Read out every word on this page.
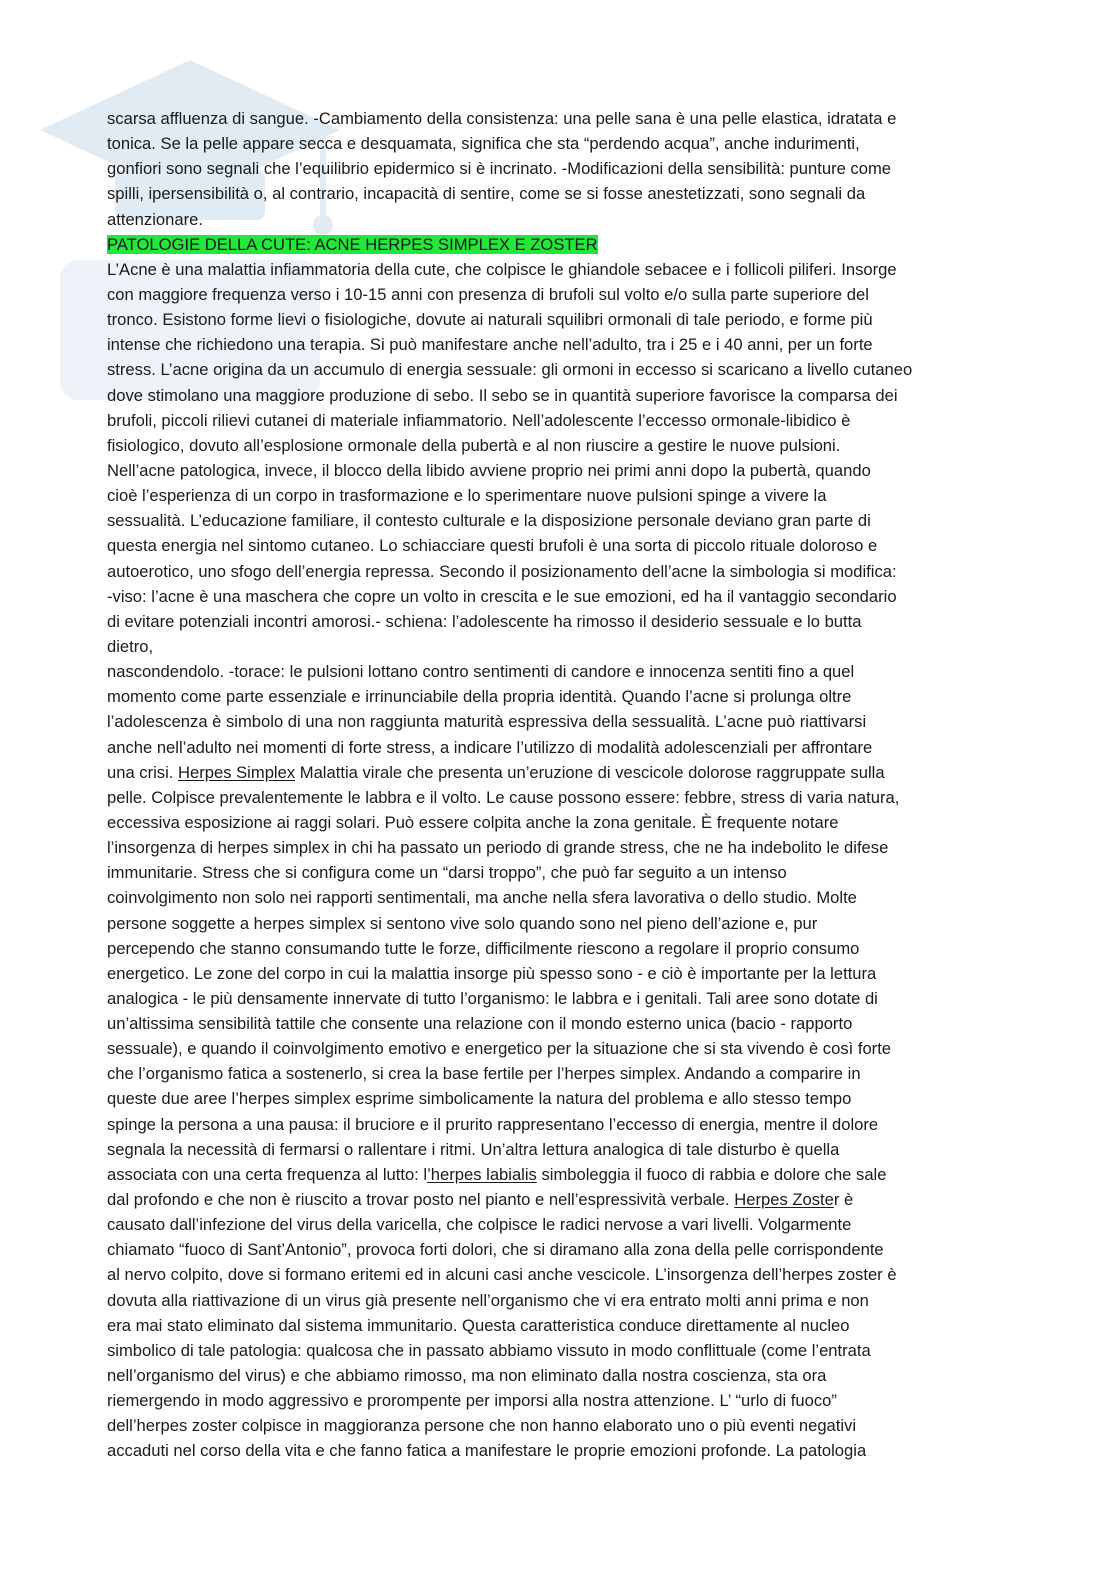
scarsa affluenza di sangue. -Cambiamento della consistenza: una pelle sana è una pelle elastica, idratata e
tonica. Se la pelle appare secca e desquamata, significa che sta “perdendo acqua”, anche indurimenti,
gonfiori sono segnali che l’equilibrio epidermico si è incrinato. -Modificazioni della sensibilità: punture come
spilli, ipersensibilità o, al contrario, incapacità di sentire, come se si fosse anestetizzati, sono segnali da
attenzionare.
PATOLOGIE DELLA CUTE: ACNE HERPES SIMPLEX E ZOSTER
L’Acne è una malattia infiammatoria della cute, che colpisce le ghiandole sebacee e i follicoli piliferi. Insorge
con maggiore frequenza verso i 10-15 anni con presenza di brufoli sul volto e/o sulla parte superiore del
tronco. Esistono forme lievi o fisiologiche, dovute ai naturali squilibri ormonali di tale periodo, e forme più
intense che richiedono una terapia. Si può manifestare anche nell’adulto, tra i 25 e i 40 anni, per un forte
stress. L’acne origina da un accumulo di energia sessuale: gli ormoni in eccesso si scaricano a livello cutaneo
dove stimolano una maggiore produzione di sebo. Il sebo se in quantità superiore favorisce la comparsa dei
brufoli, piccoli rilievi cutanei di materiale infiammatorio. Nell’adolescente l’eccesso ormonale-libidico è
fisiologico, dovuto all’esplosione ormonale della pubertà e al non riuscire a gestire le nuove pulsioni.
Nell’acne patologica, invece, il blocco della libido avviene proprio nei primi anni dopo la pubertà, quando
cioè l’esperienza di un corpo in trasformazione e lo sperimentare nuove pulsioni spinge a vivere la
sessualità. L’educazione familiare, il contesto culturale e la disposizione personale deviano gran parte di
questa energia nel sintomo cutaneo. Lo schiacciare questi brufoli è una sorta di piccolo rituale doloroso e
autoerotico, uno sfogo dell’energia repressa. Secondo il posizionamento dell’acne la simbologia si modifica:
-viso: l’acne è una maschera che copre un volto in crescita e le sue emozioni, ed ha il vantaggio secondario
di evitare potenziali incontri amorosi.- schiena: l’adolescente ha rimosso il desiderio sessuale e lo butta
dietro,
nascondendolo. -torace: le pulsioni lottano contro sentimenti di candore e innocenza sentiti fino a quel
momento come parte essenziale e irrinunciabile della propria identità. Quando l’acne si prolunga oltre
l’adolescenza è simbolo di una non raggiunta maturità espressiva della sessualità. L’acne può riattivarsi
anche nell’adulto nei momenti di forte stress, a indicare l’utilizzo di modalità adolescenziali per affrontare
una crisi. Herpes Simplex Malattia virale che presenta un’eruzione di vescicole dolorose raggruppate sulla
pelle. Colpisce prevalentemente le labbra e il volto. Le cause possono essere: febbre, stress di varia natura,
eccessiva esposizione ai raggi solari. Può essere colpita anche la zona genitale. È frequente notare
l’insorgenza di herpes simplex in chi ha passato un periodo di grande stress, che ne ha indebolito le difese
immunitarie. Stress che si configura come un “darsi troppo”, che può far seguito a un intenso
coinvolgimento non solo nei rapporti sentimentali, ma anche nella sfera lavorativa o dello studio. Molte
persone soggette a herpes simplex si sentono vive solo quando sono nel pieno dell’azione e, pur
percependo che stanno consumando tutte le forze, difficilmente riescono a regolare il proprio consumo
energetico. Le zone del corpo in cui la malattia insorge più spesso sono - e ciò è importante per la lettura
analogica - le più densamente innervate di tutto l’organismo: le labbra e i genitali. Tali aree sono dotate di
un’altissima sensibilità tattile che consente una relazione con il mondo esterno unica (bacio - rapporto
sessuale), e quando il coinvolgimento emotivo e energetico per la situazione che si sta vivendo è così forte
che l’organismo fatica a sostenerlo, si crea la base fertile per l’herpes simplex. Andando a comparire in
queste due aree l’herpes simplex esprime simbolicamente la natura del problema e allo stesso tempo
spinge la persona a una pausa: il bruciore e il prurito rappresentano l’eccesso di energia, mentre il dolore
segnala la necessità di fermarsi o rallentare i ritmi. Un’altra lettura analogica di tale disturbo è quella
associata con una certa frequenza al lutto: l’herpes labialis simboleggia il fuoco di rabbia e dolore che sale
dal profondo e che non è riuscito a trovar posto nel pianto e nell’espressività verbale. Herpes Zoster è
causato dall’infezione del virus della varicella, che colpisce le radici nervose a vari livelli. Volgarmente
chiamato “fuoco di Sant’Antonio”, provoca forti dolori, che si diramano alla zona della pelle corrispondente
al nervo colpito, dove si formano eritemi ed in alcuni casi anche vescicole. L’insorgenza dell’herpes zoster è
dovuta alla riattivazione di un virus già presente nell’organismo che vi era entrato molti anni prima e non
era mai stato eliminato dal sistema immunitario. Questa caratteristica conduce direttamente al nucleo
simbolico di tale patologia: qualcosa che in passato abbiamo vissuto in modo conflittuale (come l’entrata
nell’organismo del virus) e che abbiamo rimosso, ma non eliminato dalla nostra coscienza, sta ora
riemergendo in modo aggressivo e prorompente per imporsi alla nostra attenzione. L’ “urlo di fuoco”
dell’herpes zoster colpisce in maggioranza persone che non hanno elaborato uno o più eventi negativi
accaduti nel corso della vita e che fanno fatica a manifestare le proprie emozioni profonde. La patologia
